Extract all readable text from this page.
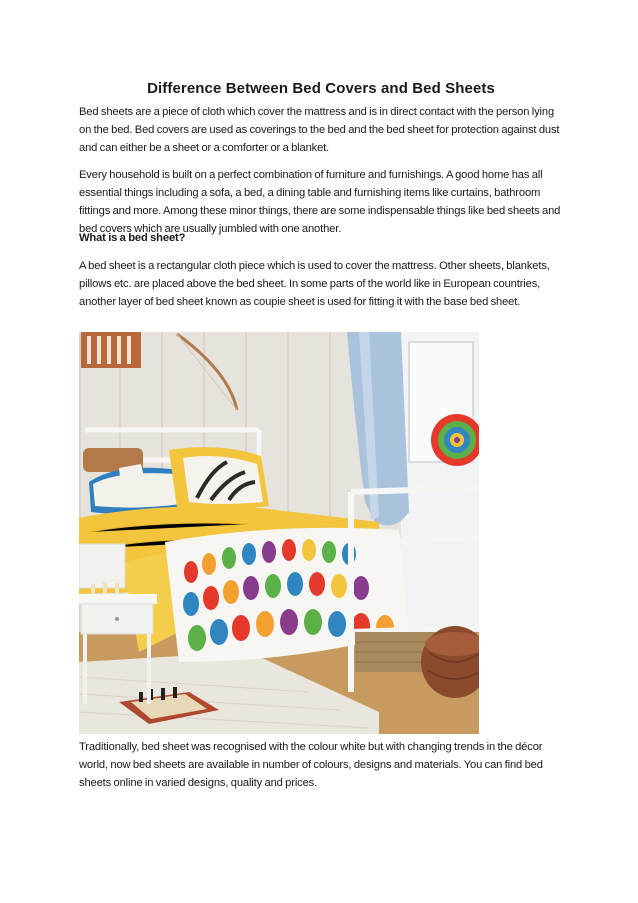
Difference Between Bed Covers and Bed Sheets

Bed sheets are a piece of cloth which cover the mattress and is in direct contact with the person lying on the bed. Bed covers are used as coverings to the bed and the bed sheet for protection against dust and can either be a sheet or a comforter or a blanket.

Every household is built on a perfect combination of furniture and furnishings. A good home has all essential things including a sofa, a bed, a dining table and furnishing items like curtains, bathroom fittings and more. Among these minor things, there are some indispensable things like bed sheets and bed covers which are usually jumbled with one another.

What is a bed sheet?

A bed sheet is a rectangular cloth piece which is used to cover the mattress. Other sheets, blankets, pillows etc. are placed above the bed sheet. In some parts of the world like in European countries, another layer of bed sheet known as coupie sheet is used for fitting it with the base bed sheet.

Traditionally, bed sheet was recognised with the colour white but with changing trends in the décor world, now bed sheets are available in number of colours, designs and materials. You can find bed sheets online in varied designs, quality and prices.
